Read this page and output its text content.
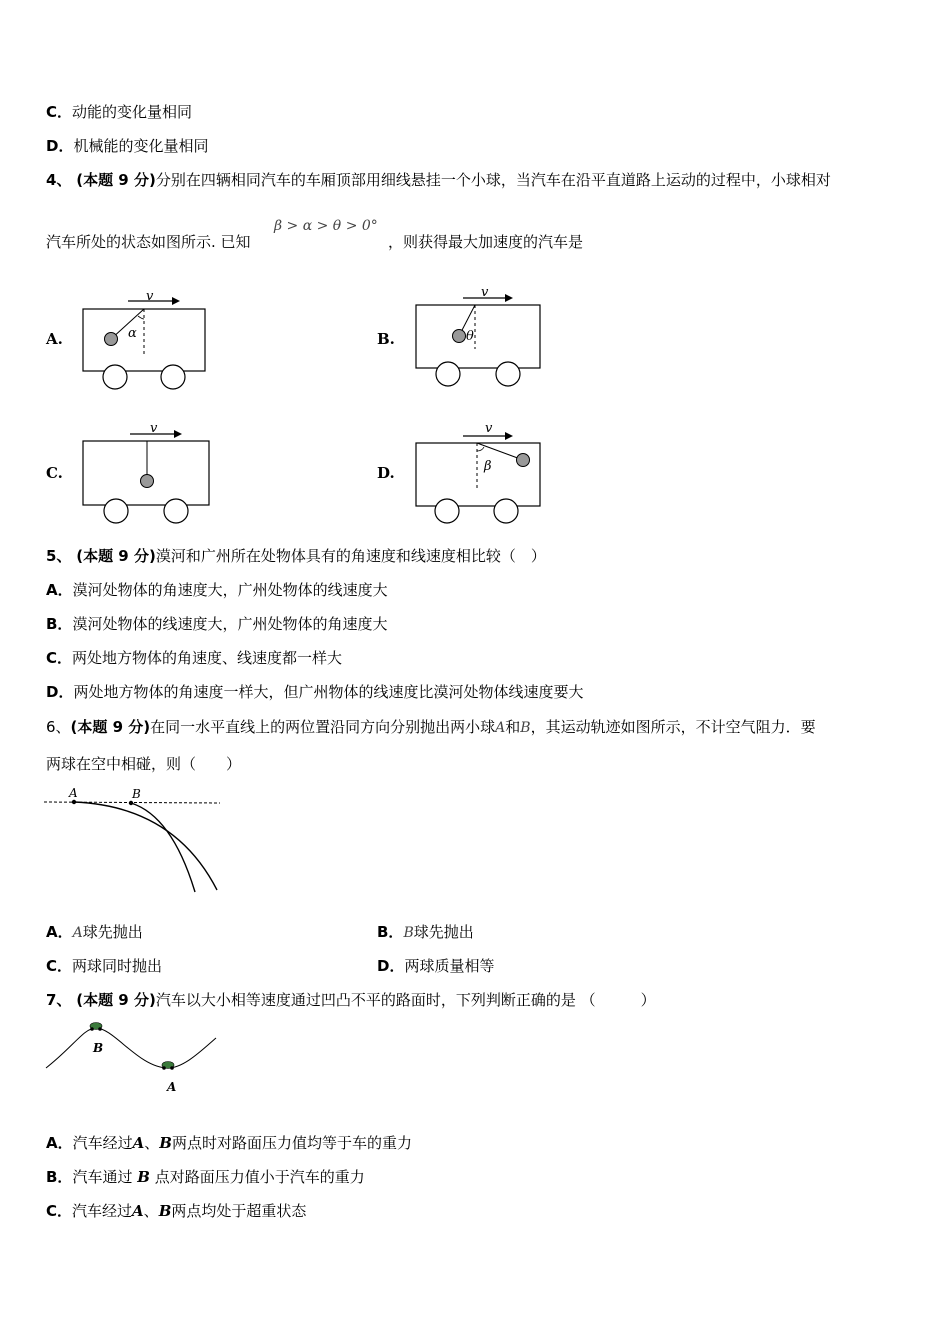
C．动能的变化量相同
D．机械能的变化量相同
4、 (本题 9 分)分别在四辆相同汽车的车厢顶部用细线悬挂一个小球，当汽车在沿平直道路上运动的过程中，小球相对
汽车所处的状态如图所示. 已知
β > α > θ > 0°
，则获得最大加速度的汽车是
A.	B.
C.	D.
v
α
v
θ
v	v
β
5、 (本题 9 分)漠河和广州所在处物体具有的角速度和线速度相比较（　）
A．漠河处物体的角速度大，广州处物体的线速度大
B．漠河处物体的线速度大，广州处物体的角速度大
C．两处地方物体的角速度、线速度都一样大
D．两处地方物体的角速度一样大，但广州物体的线速度比漠河处物体线速度要大
6、(本题 9 分)在同一水平直线上的两位置沿同方向分别抛出两小球A和B，其运动轨迹如图所示，不计空气阻力．要
两球在空中相碰，则（　　）
A	B
A．A球先抛出	B．B球先抛出
C．两球同时抛出	D．两球质量相等
7、 (本题 9 分)汽车以大小相等速度通过凹凸不平的路面时，下列判断正确的是 （　　　）
B
A
A．汽车经过A、B两点时对路面压力值均等于车的重力
B．汽车通过 B 点对路面压力值小于汽车的重力
C．汽车经过A、B两点均处于超重状态
